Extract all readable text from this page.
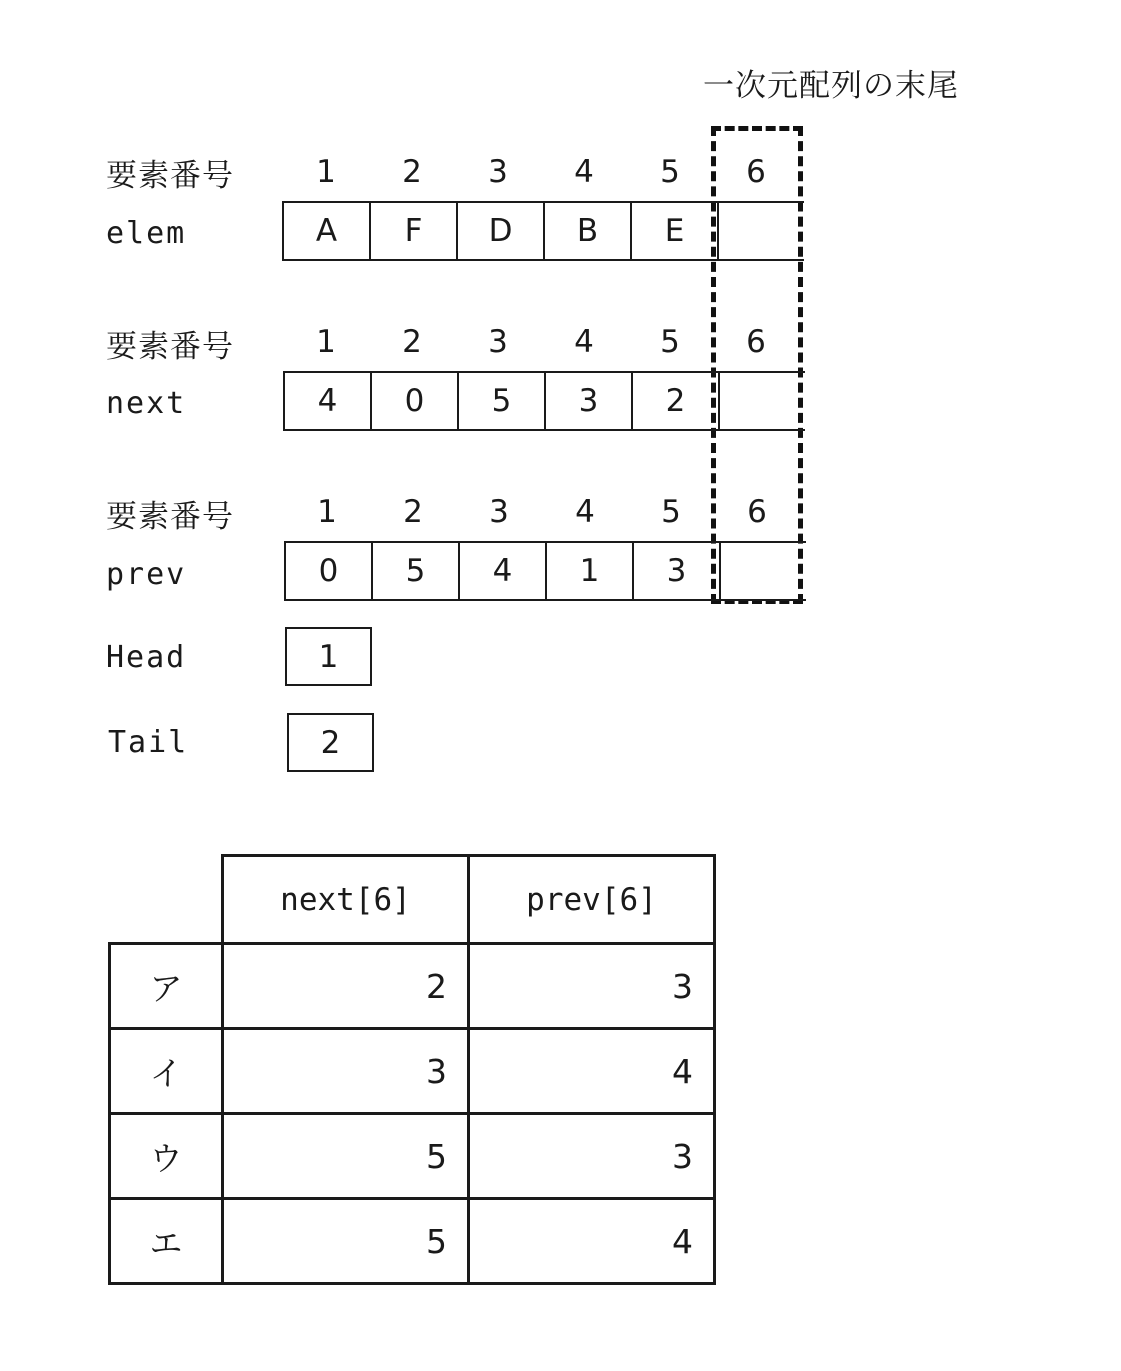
一次元配列の末尾
要素番号	1	2	3	4	5	6
elem	A	F	D	B	E
要素番号	1	2	3	4	5	6
next	4	0	5	3	2
要素番号	1	2	3	4	5	6
prev	0	5	4	1	3
Head	1
Tail	2
	next[6]	prev[6]
ア	2	3
イ	3	4
ウ	5	3
エ	5	4
